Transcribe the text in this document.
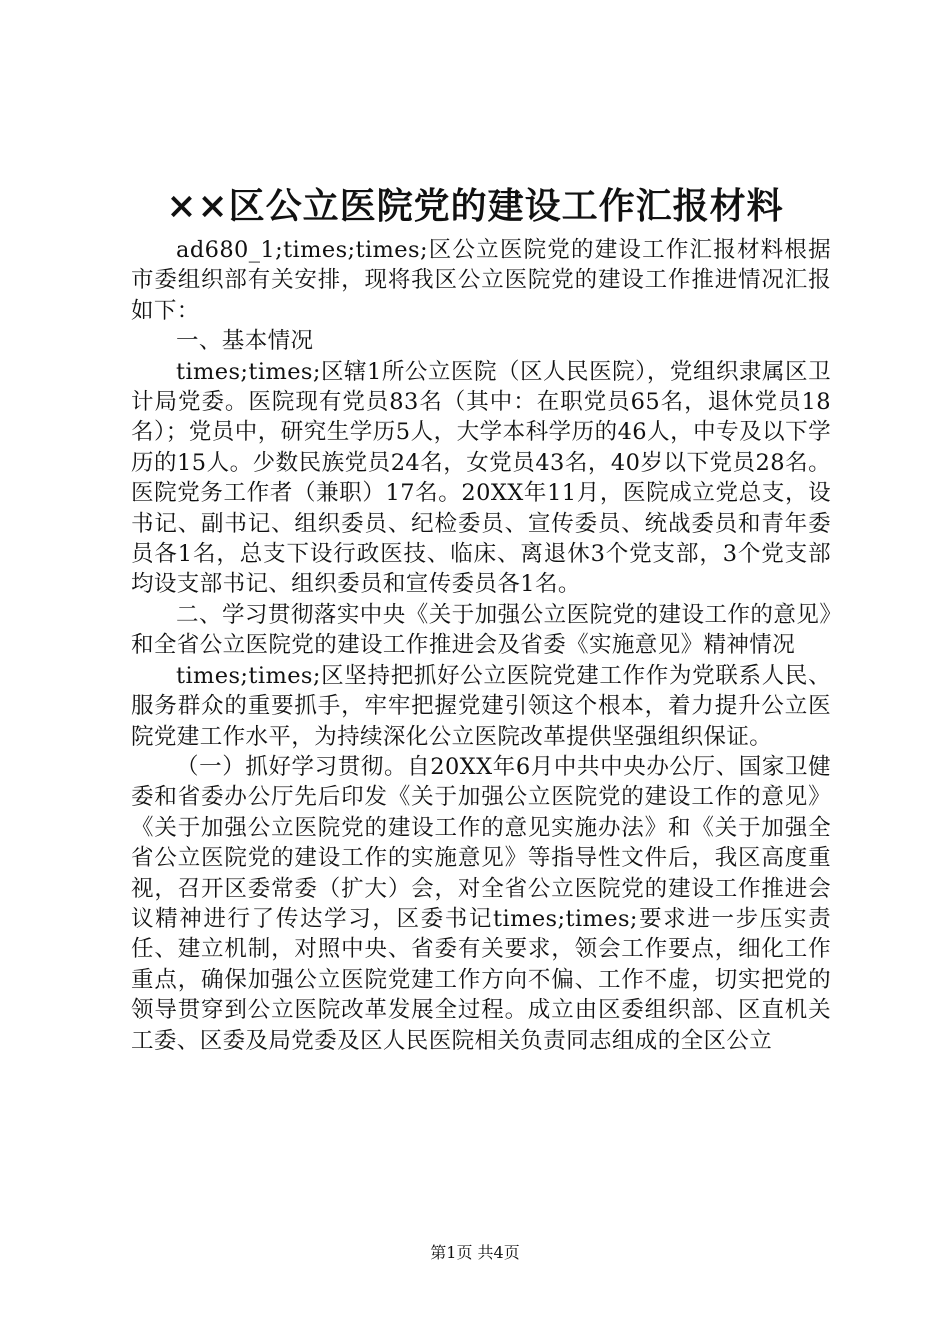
××区公立医院党的建设工作汇报材料

ad680_1;times;times;区公立医院党的建设工作汇报材料根据市委组织部有关安排，现将我区公立医院党的建设工作推进情况汇报如下：

一、基本情况

times;times;区辖1所公立医院（区人民医院），党组织隶属区卫计局党委。医院现有党员83名（其中：在职党员65名，退休党员18名）；党员中，研究生学历5人，大学本科学历的46人，中专及以下学历的15人。少数民族党员24名，女党员43名，40岁以下党员28名。医院党务工作者（兼职）17名。20XX年11月，医院成立党总支，设书记、副书记、组织委员、纪检委员、宣传委员、统战委员和青年委员各1名，总支下设行政医技、临床、离退休3个党支部，3个党支部均设支部书记、组织委员和宣传委员各1名。

二、学习贯彻落实中央《关于加强公立医院党的建设工作的意见》和全省公立医院党的建设工作推进会及省委《实施意见》精神情况

times;times;区坚持把抓好公立医院党建工作作为党联系人民、服务群众的重要抓手，牢牢把握党建引领这个根本，着力提升公立医院党建工作水平，为持续深化公立医院改革提供坚强组织保证。

（一）抓好学习贯彻。自20XX年6月中共中央办公厅、国家卫健委和省委办公厅先后印发《关于加强公立医院党的建设工作的意见》《关于加强公立医院党的建设工作的意见实施办法》和《关于加强全省公立医院党的建设工作的实施意见》等指导性文件后，我区高度重视，召开区委常委（扩大）会，对全省公立医院党的建设工作推进会议精神进行了传达学习，区委书记times;times;要求进一步压实责任、建立机制，对照中央、省委有关要求，领会工作要点，细化工作重点，确保加强公立医院党建工作方向不偏、工作不虚，切实把党的领导贯穿到公立医院改革发展全过程。成立由区委组织部、区直机关工委、区委及局党委及区人民医院相关负责同志组成的全区公立

第1页 共4页
